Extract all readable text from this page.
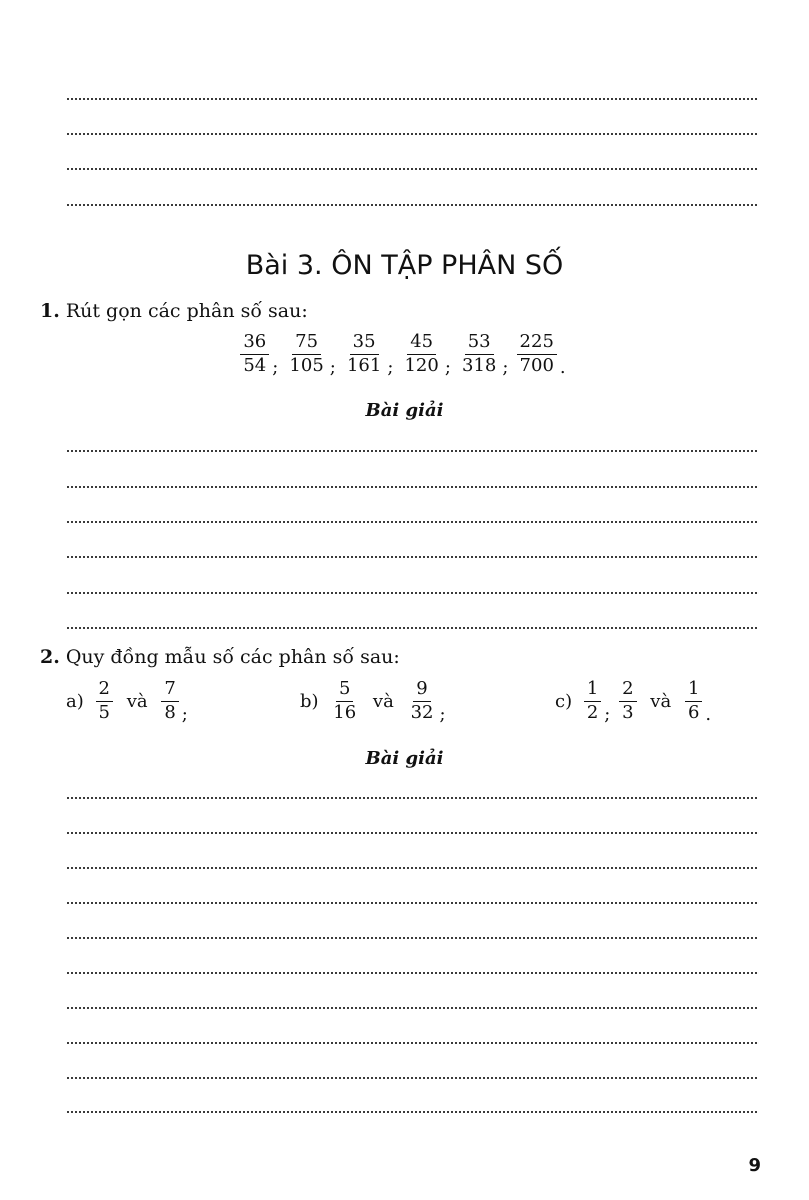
Bài 3. ÔN TẬP PHÂN SỐ
1. Rút gọn các phân số sau:
$\frac{36}{54}$ ; $\frac{75}{105}$ ; $\frac{35}{161}$ ; $\frac{45}{120}$ ; $\frac{53}{318}$ ; $\frac{225}{700}$ .
Bài giải
2. Quy đồng mẫu số các phân số sau:
$a) \frac{2}{5}$ và $\frac{7}{8}$ ;
$b) \frac{5}{16}$ và $\frac{9}{32}$ ;
$c) \frac{1}{2}$ ; $\frac{2}{3}$ và $\frac{1}{6}$ .
Bài giải
9
